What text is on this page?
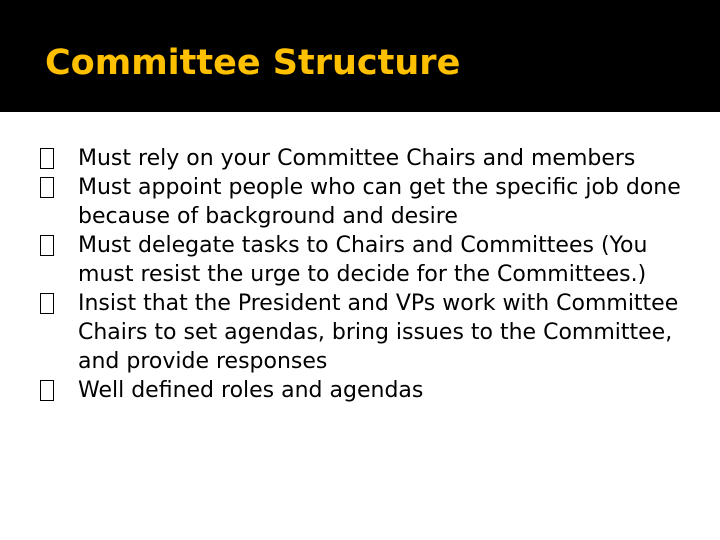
Committee Structure
Must rely on your Committee Chairs and members
Must appoint people who can get the specific job done because of background and desire
Must delegate tasks to Chairs and Committees (You must resist the urge to decide for the Committees.)
Insist that the President and VPs work with Committee Chairs to set agendas, bring issues to the Committee, and provide responses
Well defined roles and agendas
